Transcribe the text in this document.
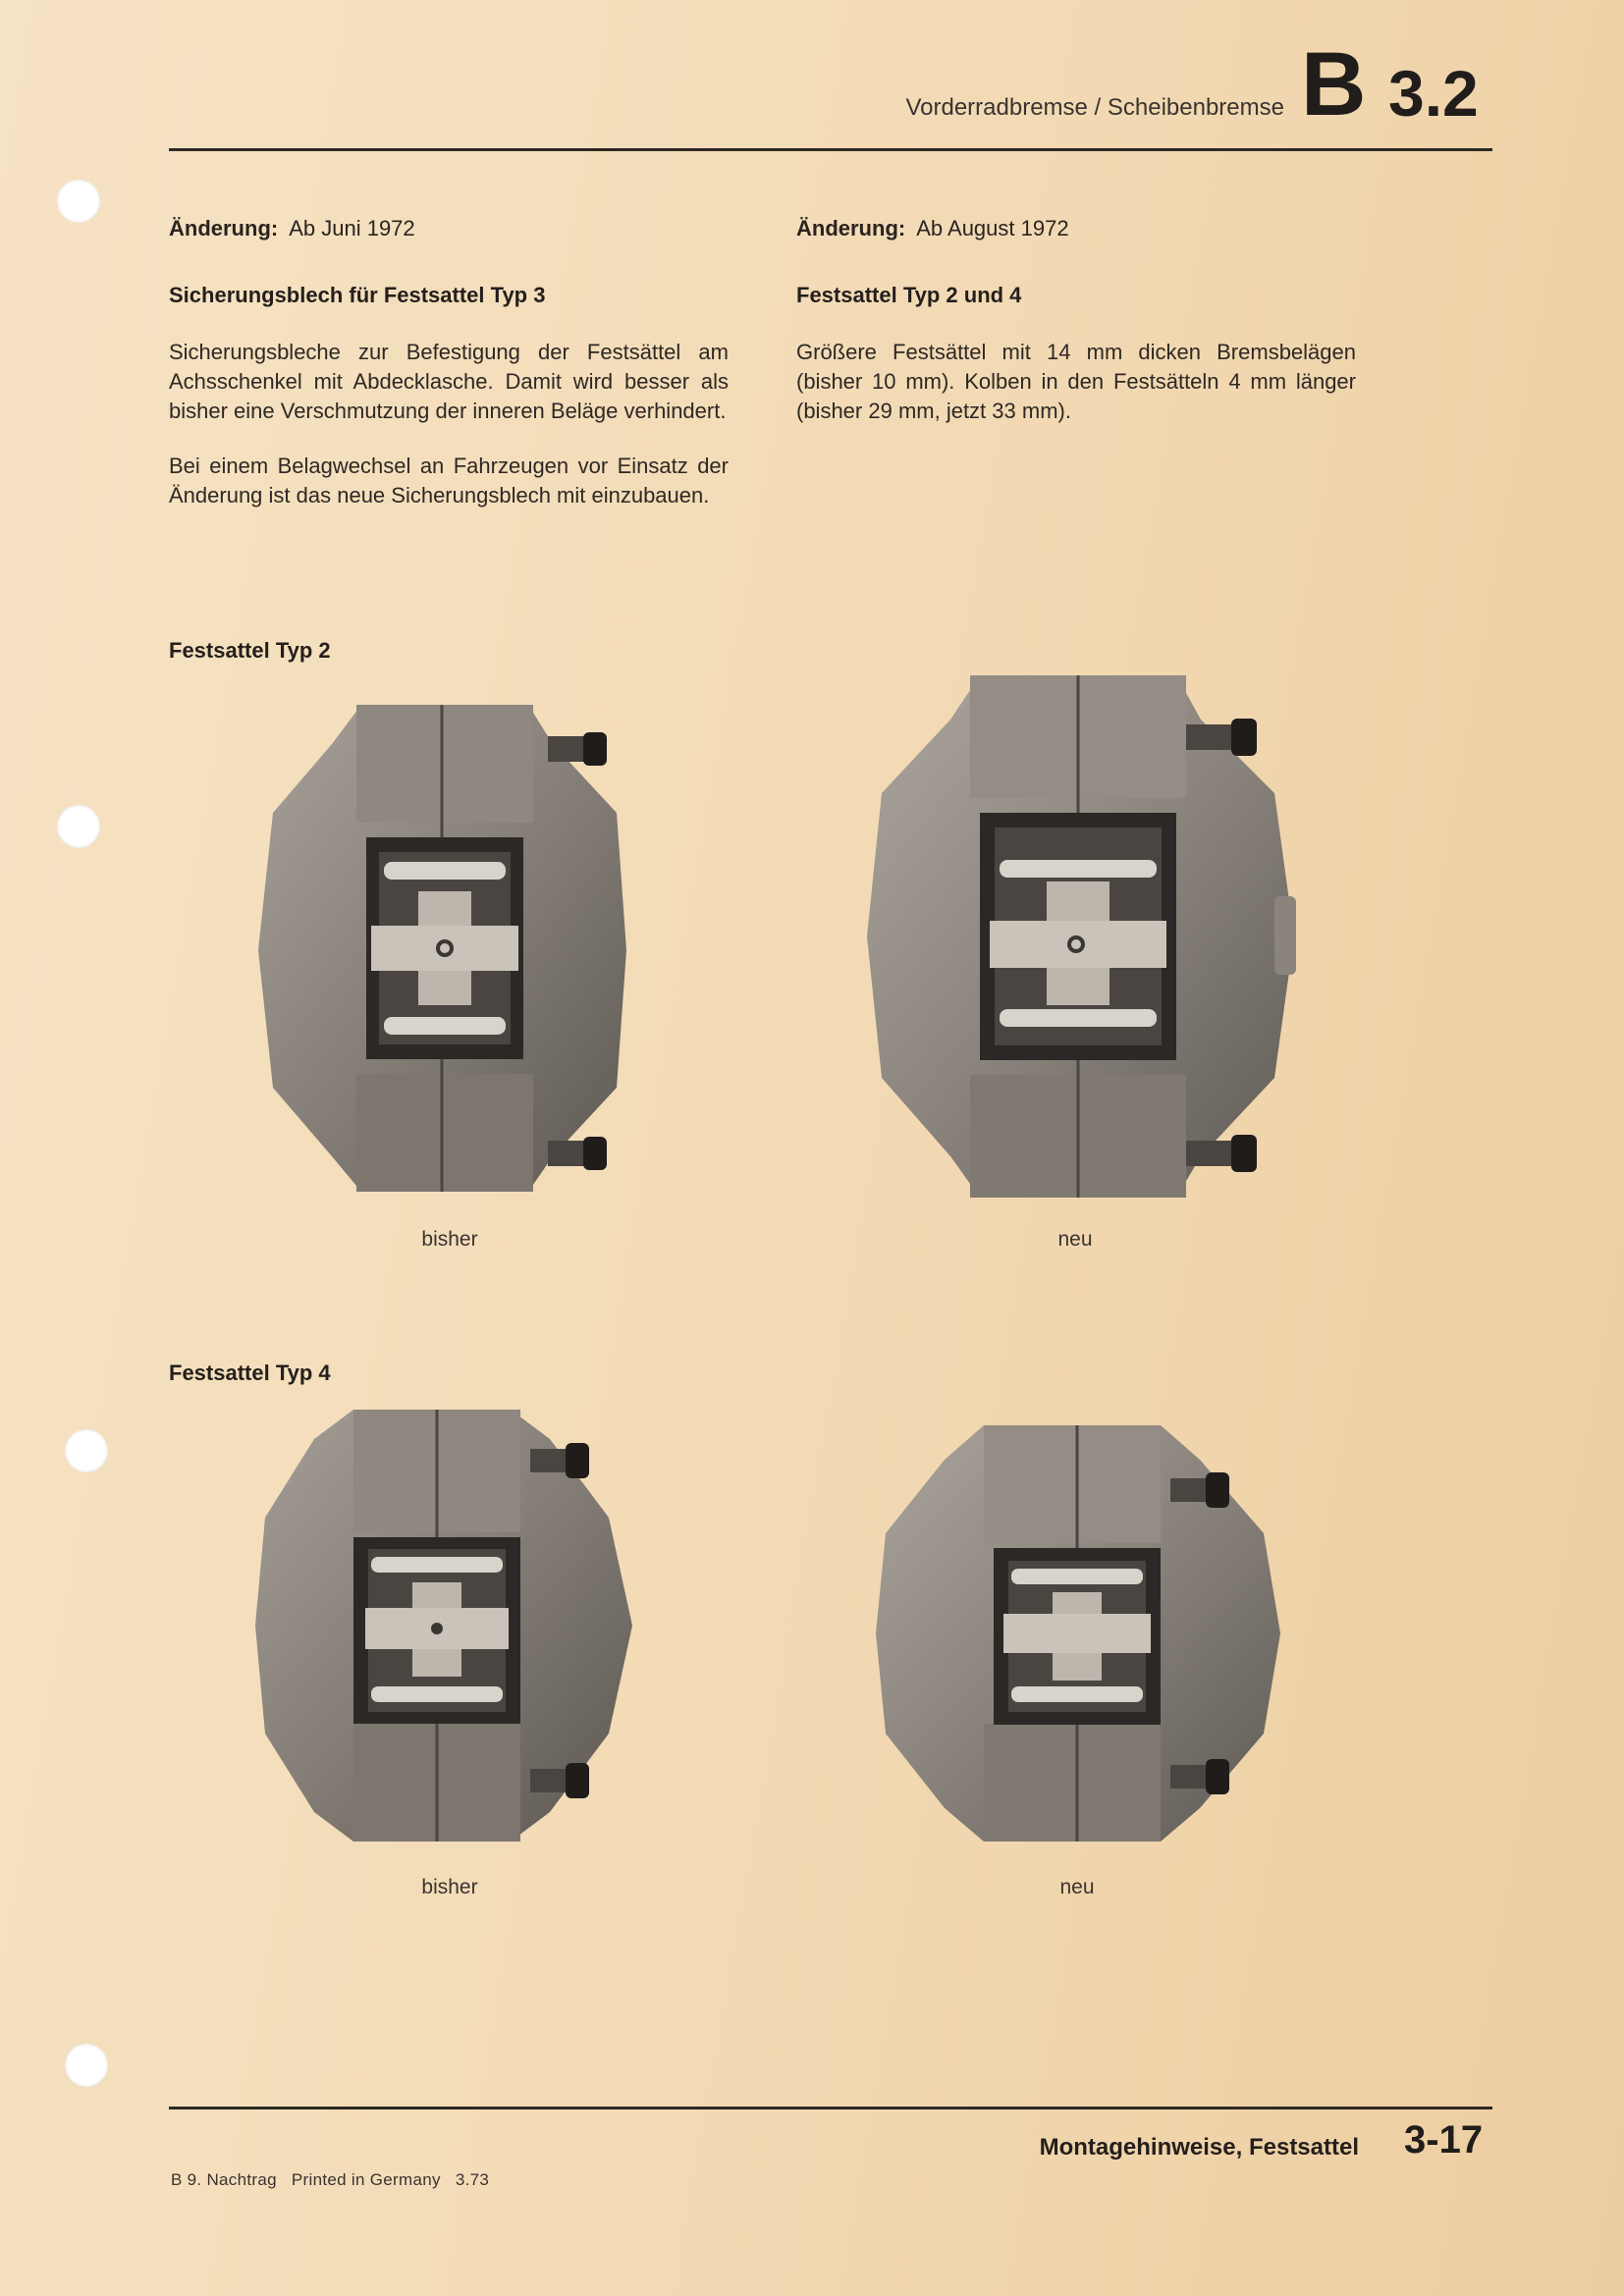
Vorderradbremse / Scheibenbremse B 3.2

Änderung: Ab Juni 1972

Sicherungsblech für Festsattel Typ 3

Sicherungsbleche zur Befestigung der Festsättel am Achsschenkel mit Abdecklasche. Damit wird besser als bisher eine Verschmutzung der inneren Beläge verhindert.

Bei einem Belagwechsel an Fahrzeugen vor Einsatz der Änderung ist das neue Sicherungsblech mit einzubauen.

Änderung: Ab August 1972

Festsattel Typ 2 und 4

Größere Festsättel mit 14 mm dicken Bremsbelägen (bisher 10 mm). Kolben in den Festsätteln 4 mm länger (bisher 29 mm, jetzt 33 mm).

Festsattel Typ 2
bisher	neu
Festsattel Typ 4
bisher	neu
Montagehinweise, Festsattel 3-17
B 9. Nachtrag   Printed in Germany   3.73
